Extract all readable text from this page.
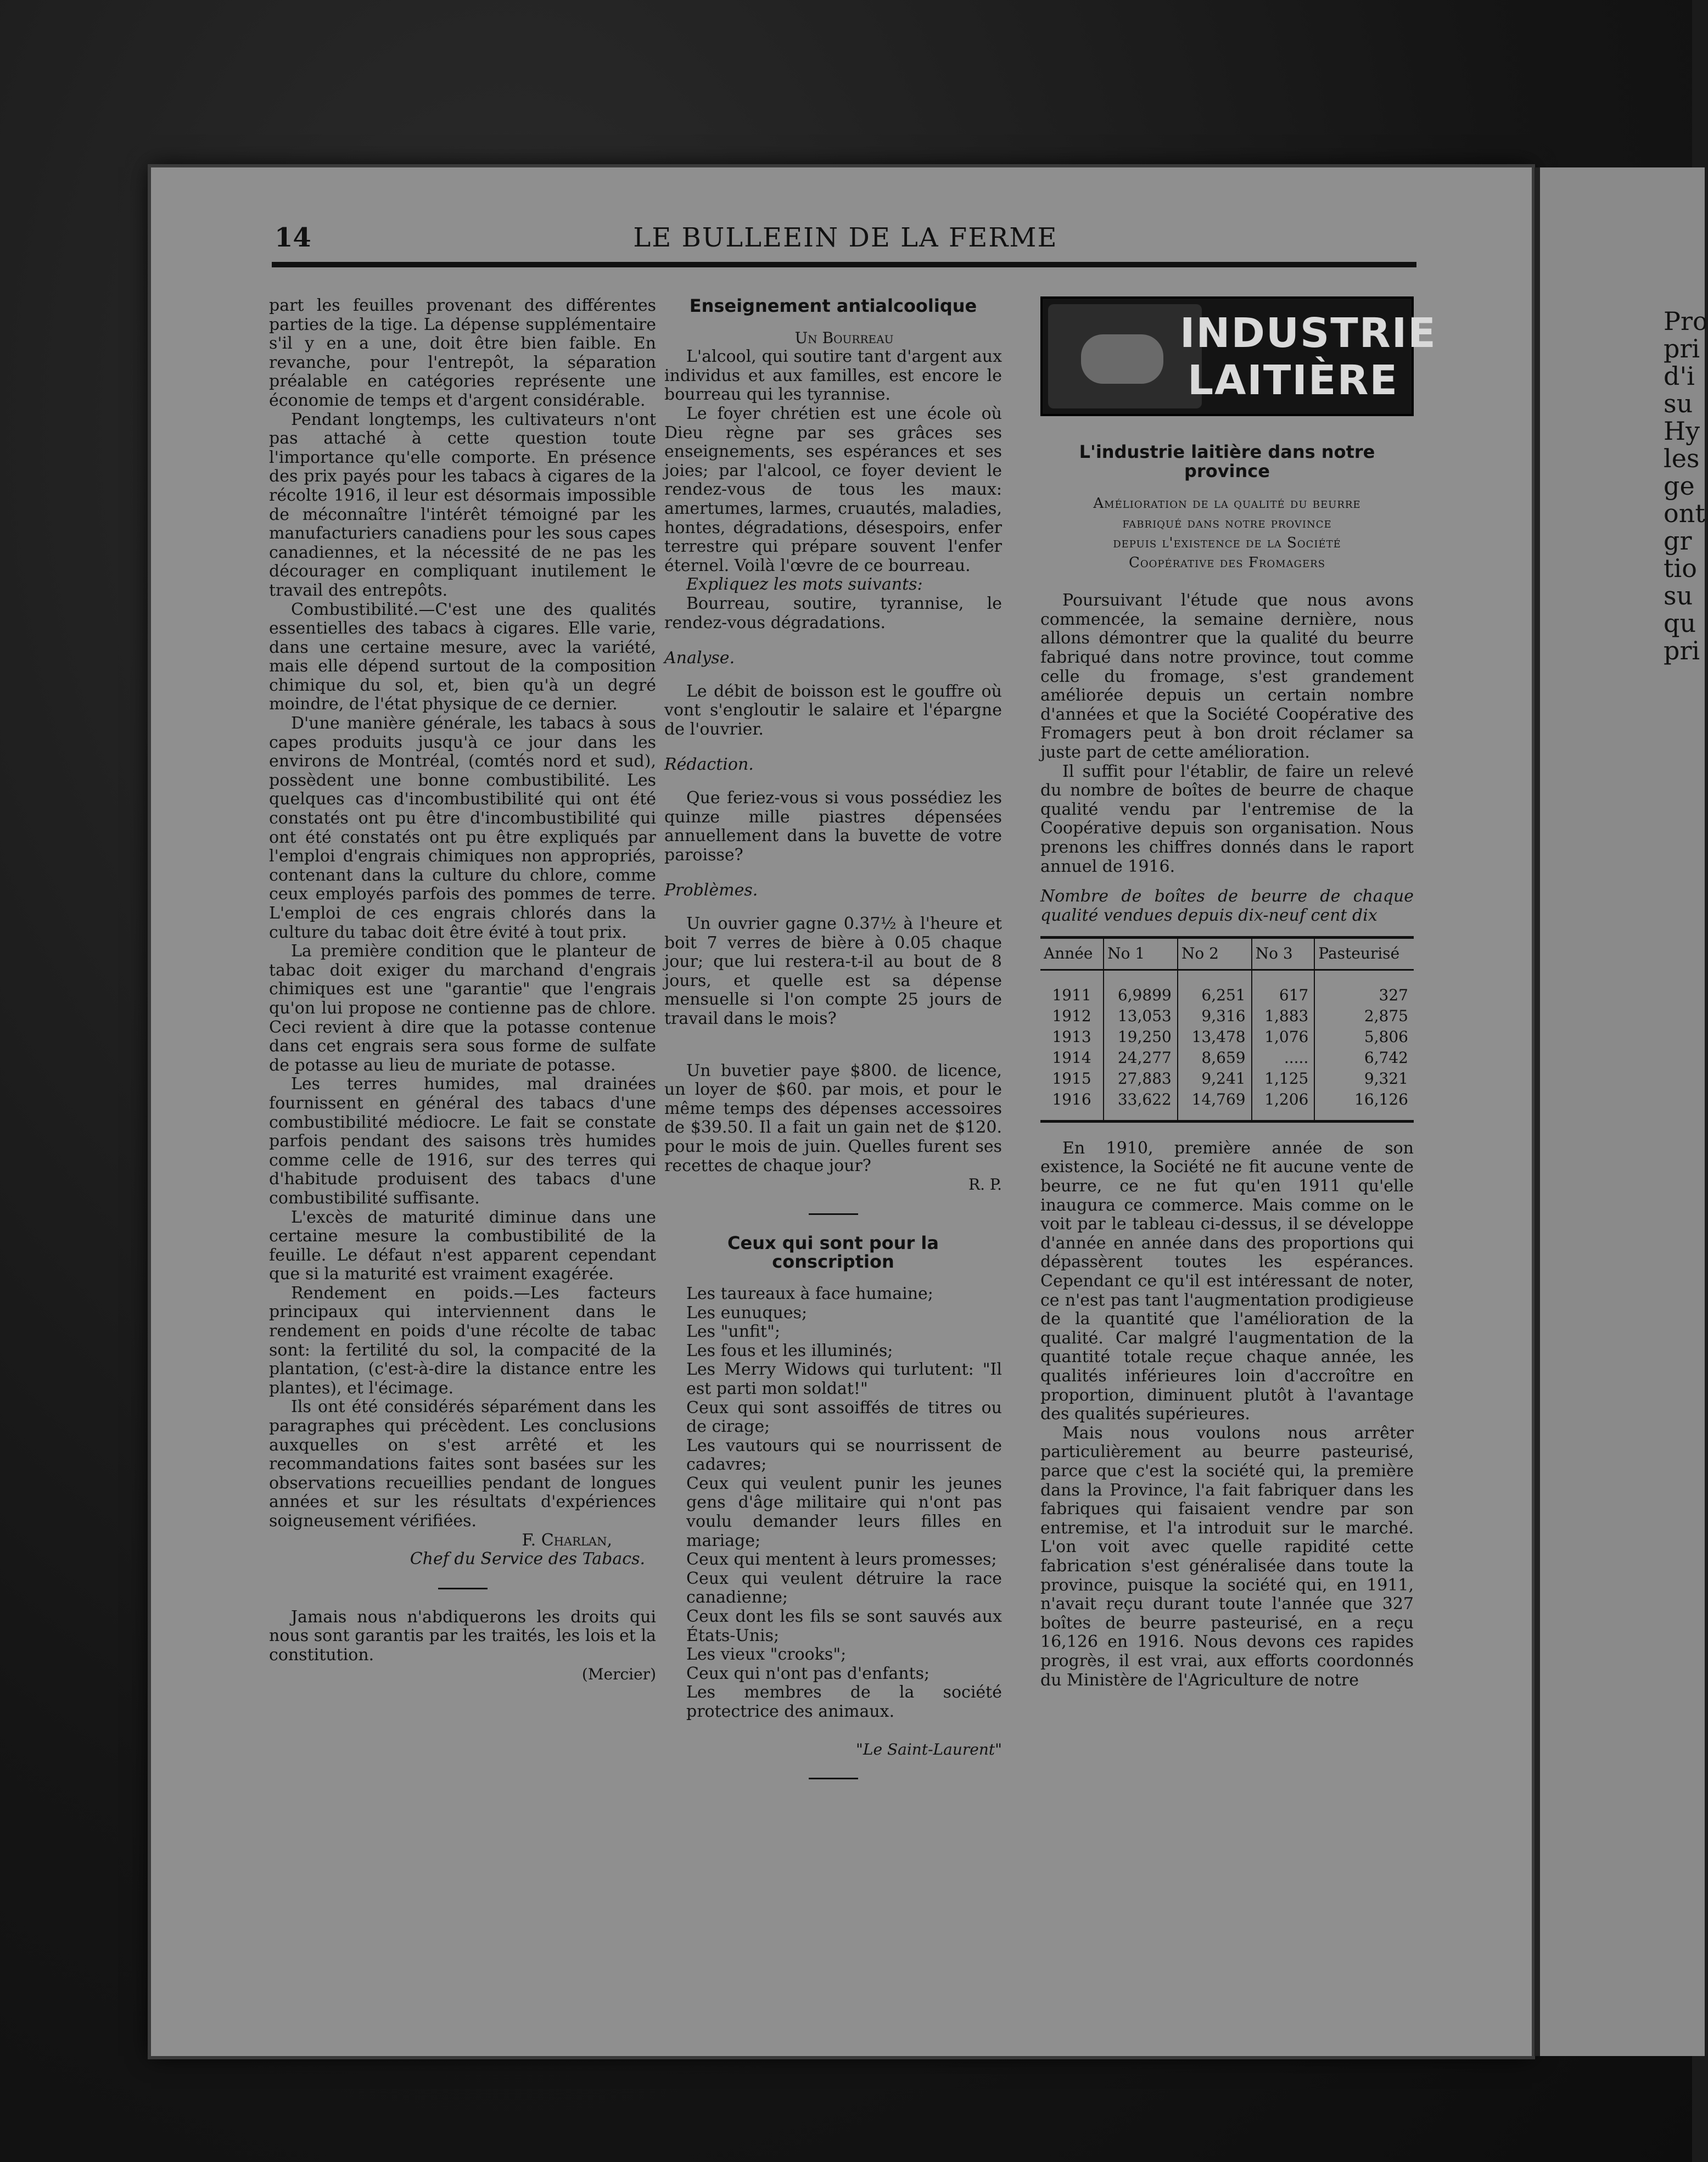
14	LE BULLEEIN DE LA FERME

part les feuilles provenant des différentes parties de la tige. La dépense supplémentaire s'il y en a une, doit être bien faible. En revanche, pour l'entrepôt, la séparation préalable en catégories représente une économie de temps et d'argent considérable.

Pendant longtemps, les cultivateurs n'ont pas attaché à cette question toute l'importance qu'elle comporte. En présence des prix payés pour les tabacs à cigares de la récolte 1916, il leur est désormais impossible de méconnaître l'intérêt témoigné par les manufacturiers canadiens pour les sous capes canadiennes, et la nécessité de ne pas les décourager en compliquant inutilement le travail des entrepôts.

Combustibilité.—C'est une des qualités essentielles des tabacs à cigares. Elle varie, dans une certaine mesure, avec la variété, mais elle dépend surtout de la composition chimique du sol, et, bien qu'à un degré moindre, de l'état physique de ce dernier.

D'une manière générale, les tabacs à sous capes produits jusqu'à ce jour dans les environs de Montréal, (comtés nord et sud), possèdent une bonne combustibilité. Les quelques cas d'incombustibilité qui ont été constatés ont pu être d'incombustibilité qui ont été constatés ont pu être expliqués par l'emploi d'engrais chimiques non appropriés, contenant dans la culture du chlore, comme ceux employés parfois des pommes de terre. L'emploi de ces engrais chlorés dans la culture du tabac doit être évité à tout prix.

La première condition que le planteur de tabac doit exiger du marchand d'engrais chimiques est une "garantie" que l'engrais qu'on lui propose ne contienne pas de chlore. Ceci revient à dire que la potasse contenue dans cet engrais sera sous forme de sulfate de potasse au lieu de muriate de potasse.

Les terres humides, mal drainées fournissent en général des tabacs d'une combustibilité médiocre. Le fait se constate parfois pendant des saisons très humides comme celle de 1916, sur des terres qui d'habitude produisent des tabacs d'une combustibilité suffisante.

L'excès de maturité diminue dans une certaine mesure la combustibilité de la feuille. Le défaut n'est apparent cependant que si la maturité est vraiment exagérée.

Rendement en poids.—Les facteurs principaux qui interviennent dans le rendement en poids d'une récolte de tabac sont: la fertilité du sol, la compacité de la plantation, (c'est-à-dire la distance entre les plantes), et l'écimage.

Ils ont été considérés séparément dans les paragraphes qui précèdent. Les conclusions auxquelles on s'est arrêté et les recommandations faites sont basées sur les observations recueillies pendant de longues années et sur les résultats d'expériences soigneusement vérifiées.

F. Charlan,

Chef du Service des Tabacs.

Jamais nous n'abdiquerons les droits qui nous sont garantis par les traités, les lois et la constitution.

(Mercier)

Enseignement antialcoolique

Un Bourreau

L'alcool, qui soutire tant d'argent aux individus et aux familles, est encore le bourreau qui les tyrannise.

Le foyer chrétien est une école où Dieu règne par ses grâces ses enseignements, ses espérances et ses joies; par l'alcool, ce foyer devient le rendez-vous de tous les maux: amertumes, larmes, cruautés, maladies, hontes, dégradations, désespoirs, enfer terrestre qui prépare souvent l'enfer éternel. Voilà l'œvre de ce bourreau.

Expliquez les mots suivants:

Bourreau, soutire, tyrannise, le rendez-vous dégradations.

Analyse.

Le débit de boisson est le gouffre où vont s'engloutir le salaire et l'épargne de l'ouvrier.

Rédaction.

Que feriez-vous si vous possédiez les quinze mille piastres dépensées annuellement dans la buvette de votre paroisse?

Problèmes.

Un ouvrier gagne 0.37½ à l'heure et boit 7 verres de bière à 0.05 chaque jour; que lui restera-t-il au bout de 8 jours, et quelle est sa dépense mensuelle si l'on compte 25 jours de travail dans le mois?

Un buvetier paye $800. de licence, un loyer de $60. par mois, et pour le même temps des dépenses accessoires de $39.50. Il a fait un gain net de $120. pour le mois de juin. Quelles furent ses recettes de chaque jour?

R. P.

Ceux qui sont pour la conscription

Les taureaux à face humaine;

Les eunuques;

Les "unfit";

Les fous et les illuminés;

Les Merry Widows qui turlutent: "Il est parti mon soldat!"

Ceux qui sont assoiffés de titres ou de cirage;

Les vautours qui se nourrissent de cadavres;

Ceux qui veulent punir les jeunes gens d'âge militaire qui n'ont pas voulu demander leurs filles en mariage;

Ceux qui mentent à leurs promesses;

Ceux qui veulent détruire la race canadienne;

Ceux dont les fils se sont sauvés aux États-Unis;

Les vieux "crooks";

Ceux qui n'ont pas d'enfants;

Les membres de la société protectrice des animaux.

"Le Saint-Laurent"

INDUSTRIE
LAITIÈRE
L'industrie laitière dans notre province
Amélioration de la qualité du beurre
fabriqué dans notre province
depuis l'existence de la Société
Coopérative des Fromagers

Poursuivant l'étude que nous avons commencée, la semaine dernière, nous allons démontrer que la qualité du beurre fabriqué dans notre province, tout comme celle du fromage, s'est grandement améliorée depuis un certain nombre d'années et que la Société Coopérative des Fromagers peut à bon droit réclamer sa juste part de cette amélioration.

Il suffit pour l'établir, de faire un relevé du nombre de boîtes de beurre de chaque qualité vendu par l'entremise de la Coopérative depuis son organisation. Nous prenons les chiffres donnés dans le raport annuel de 1916.

Nombre de boîtes de beurre de chaque qualité vendues depuis dix-neuf cent dix

Année	No 1	No 2	No 3	Pasteurisé
1911	6,9899	6,251	617	327
1912	13,053	9,316	1,883	2,875
1913	19,250	13,478	1,076	5,806
1914	24,277	8,659	.....	6,742
1915	27,883	9,241	1,125	9,321
1916	33,622	14,769	1,206	16,126

En 1910, première année de son existence, la Société ne fit aucune vente de beurre, ce ne fut qu'en 1911 qu'elle inaugura ce commerce. Mais comme on le voit par le tableau ci-dessus, il se développe d'année en année dans des proportions qui dépassèrent toutes les espérances. Cependant ce qu'il est intéressant de noter, ce n'est pas tant l'augmentation prodigieuse de la quantité que l'amélioration de la qualité. Car malgré l'augmentation de la quantité totale reçue chaque année, les qualités inférieures loin d'accroître en proportion, diminuent plutôt à l'avantage des qualités supérieures.

Mais nous voulons nous arrêter particulièrement au beurre pasteurisé, parce que c'est la société qui, la première dans la Province, l'a fait fabriquer dans les fabriques qui faisaient vendre par son entremise, et l'a introduit sur le marché. L'on voit avec quelle rapidité cette fabrication s'est généralisée dans toute la province, puisque la société qui, en 1911, n'avait reçu durant toute l'année que 327 boîtes de beurre pasteurisé, en a reçu 16,126 en 1916. Nous devons ces rapides progrès, il est vrai, aux efforts coordonnés du Ministère de l'Agriculture de notre

Pro
pri
d'i
su
Hy
les
ge
ont
gr
tio
su
qu
pri
